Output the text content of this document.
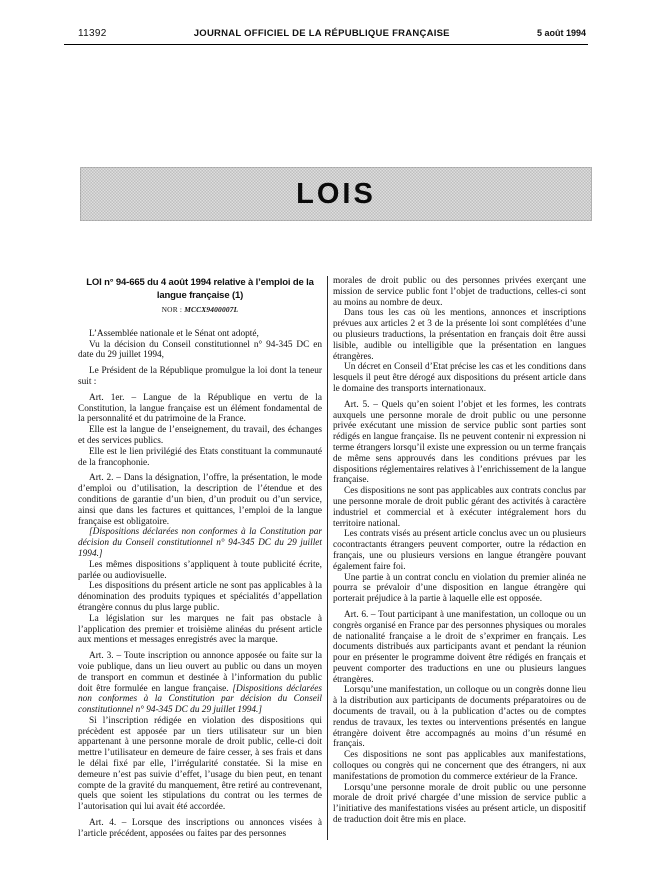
11392	JOURNAL OFFICIEL DE LA RÉPUBLIQUE FRANÇAISE	5 août 1994
LOIS
LOI n° 94-665 du 4 août 1994 relative à l’emploi de la langue française (1)
NOR : MCCX9400007L

L’Assemblée nationale et le Sénat ont adopté,

Vu la décision du Conseil constitutionnel n° 94-345 DC en date du 29 juillet 1994,

Le Président de la République promulgue la loi dont la teneur suit :

Art. 1er. – Langue de la République en vertu de la Constitution, la langue française est un élément fondamental de la personnalité et du patrimoine de la France.

Elle est la langue de l’enseignement, du travail, des échanges et des services publics.

Elle est le lien privilégié des Etats constituant la communauté de la francophonie.

Art. 2. – Dans la désignation, l’offre, la présentation, le mode d’emploi ou d’utilisation, la description de l’étendue et des conditions de garantie d’un bien, d’un produit ou d’un service, ainsi que dans les factures et quittances, l’emploi de la langue française est obligatoire.

[Dispositions déclarées non conformes à la Constitution par décision du Conseil constitutionnel n° 94-345 DC du 29 juillet 1994.]

Les mêmes dispositions s’appliquent à toute publicité écrite, parlée ou audiovisuelle.

Les dispositions du présent article ne sont pas applicables à la dénomination des produits typiques et spécialités d’appellation étrangère connus du plus large public.

La législation sur les marques ne fait pas obstacle à l’application des premier et troisième alinéas du présent article aux mentions et messages enregistrés avec la marque.

Art. 3. – Toute inscription ou annonce apposée ou faite sur la voie publique, dans un lieu ouvert au public ou dans un moyen de transport en commun et destinée à l’information du public doit être formulée en langue française. [Dispositions déclarées non conformes à la Constitution par décision du Conseil constitutionnel n° 94-345 DC du 29 juillet 1994.]

Si l’inscription rédigée en violation des dispositions qui précèdent est apposée par un tiers utilisateur sur un bien appartenant à une personne morale de droit public, celle-ci doit mettre l’utilisateur en demeure de faire cesser, à ses frais et dans le délai fixé par elle, l’irrégularité constatée. Si la mise en demeure n’est pas suivie d’effet, l’usage du bien peut, en tenant compte de la gravité du manquement, être retiré au contrevenant, quels que soient les stipulations du contrat ou les termes de l’autorisation qui lui avait été accordée.

Art. 4. – Lorsque des inscriptions ou annonces visées à l’article précédent, apposées ou faites par des personnes

morales de droit public ou des personnes privées exerçant une mission de service public font l’objet de traductions, celles-ci sont au moins au nombre de deux.

Dans tous les cas où les mentions, annonces et inscriptions prévues aux articles 2 et 3 de la présente loi sont complétées d’une ou plusieurs traductions, la présentation en français doit être aussi lisible, audible ou intelligible que la présentation en langues étrangères.

Un décret en Conseil d’Etat précise les cas et les conditions dans lesquels il peut être dérogé aux dispositions du présent article dans le domaine des transports internationaux.

Art. 5. – Quels qu’en soient l’objet et les formes, les contrats auxquels une personne morale de droit public ou une personne privée exécutant une mission de service public sont parties sont rédigés en langue française. Ils ne peuvent contenir ni expression ni terme étrangers lorsqu’il existe une expression ou un terme français de même sens approuvés dans les conditions prévues par les dispositions réglementaires relatives à l’enrichissement de la langue française.

Ces dispositions ne sont pas applicables aux contrats conclus par une personne morale de droit public gérant des activités à caractère industriel et commercial et à exécuter intégralement hors du territoire national.

Les contrats visés au présent article conclus avec un ou plusieurs cocontractants étrangers peuvent comporter, outre la rédaction en français, une ou plusieurs versions en langue étrangère pouvant également faire foi.

Une partie à un contrat conclu en violation du premier alinéa ne pourra se prévaloir d’une disposition en langue étrangère qui porterait préjudice à la partie à laquelle elle est opposée.

Art. 6. – Tout participant à une manifestation, un colloque ou un congrès organisé en France par des personnes physiques ou morales de nationalité française a le droit de s’exprimer en français. Les documents distribués aux participants avant et pendant la réunion pour en présenter le programme doivent être rédigés en français et peuvent comporter des traductions en une ou plusieurs langues étrangères.

Lorsqu’une manifestation, un colloque ou un congrès donne lieu à la distribution aux participants de documents préparatoires ou de documents de travail, ou à la publication d’actes ou de comptes rendus de travaux, les textes ou interventions présentés en langue étrangère doivent être accompagnés au moins d’un résumé en français.

Ces dispositions ne sont pas applicables aux manifestations, colloques ou congrès qui ne concernent que des étrangers, ni aux manifestations de promotion du commerce extérieur de la France.

Lorsqu’une personne morale de droit public ou une personne morale de droit privé chargée d’une mission de service public a l’initiative des manifestations visées au présent article, un dispositif de traduction doit être mis en place.
